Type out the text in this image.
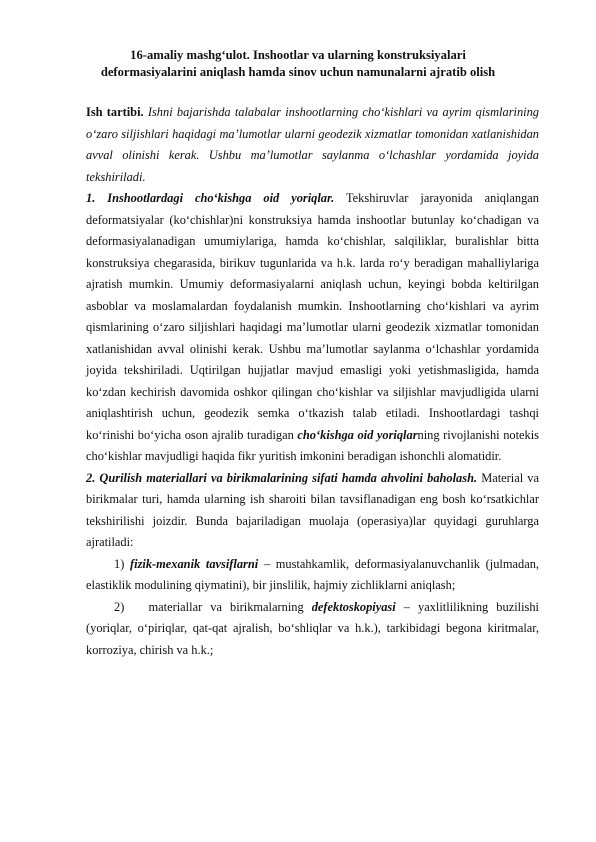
16-amaliy mashg‘ulot. Inshootlar va ularning konstruksiyalari
deformasiyalarini aniqlash hamda sinov uchun namunalarni ajratib olish

Ish tartibi. Ishni bajarishda talabalar inshootlarning cho‘kishlari va ayrim qismlarining o‘zaro siljishlari haqidagi ma’lumotlar ularni geodezik xizmatlar tomonidan xatlanishidan avval olinishi kerak. Ushbu ma’lumotlar saylanma o‘lchashlar yordamida joyida tekshiriladi.

1. Inshootlardagi cho‘kishga oid yoriqlar. Tekshiruvlar jarayonida aniqlangan deformatsiyalar (ko‘chishlar)ni konstruksiya hamda inshootlar butunlay ko‘chadigan va deformasiyalanadigan umumiylariga, hamda ko‘chishlar, salqiliklar, buralishlar bitta konstruksiya chegarasida, birikuv tugunlarida va h.k. larda ro‘y beradigan mahalliylariga ajratish mumkin. Umumiy deformasiyalarni aniqlash uchun, keyingi bobda keltirilgan asboblar va moslamalardan foydalanish mumkin. Inshootlarning cho‘kishlari va ayrim qismlarining o‘zaro siljishlari haqidagi ma’lumotlar ularni geodezik xizmatlar tomonidan xatlanishidan avval olinishi kerak. Ushbu ma’lumotlar saylanma o‘lchashlar yordamida joyida tekshiriladi. Uqtirilgan hujjatlar mavjud emasligi yoki yetishmasligida, hamda ko‘zdan kechirish davomida oshkor qilingan cho‘kishlar va siljishlar mavjudligida ularni aniqlashtirish uchun, geodezik semka o‘tkazish talab etiladi. Inshootlardagi tashqi ko‘rinishi bo‘yicha oson ajralib turadigan cho‘kishga oid yoriqlarning rivojlanishi notekis cho‘kishlar mavjudligi haqida fikr yuritish imkonini beradigan ishonchli alomatidir.

2. Qurilish materiallari va birikmalarining sifati hamda ahvolini baholash. Material va birikmalar turi, hamda ularning ish sharoiti bilan tavsiflanadigan eng bosh ko‘rsatkichlar tekshirilishi joizdir. Bunda bajariladigan muolaja (operasiya)lar quyidagi guruhlarga ajratiladi:

1) fizik-mexanik tavsiflarni – mustahkamlik, deformasiyalanuvchanlik (julmadan, elastiklik modulining qiymatini), bir jinslilik, hajmiy zichliklarni aniqlash;

2)   materiallar va birikmalarning defektoskopiyasi – yaxlitlilikning buzilishi (yoriqlar, o‘piriqlar, qat-qat ajralish, bo‘shliqlar va h.k.), tarkibidagi begona kiritmalar, korroziya, chirish va h.k.;
